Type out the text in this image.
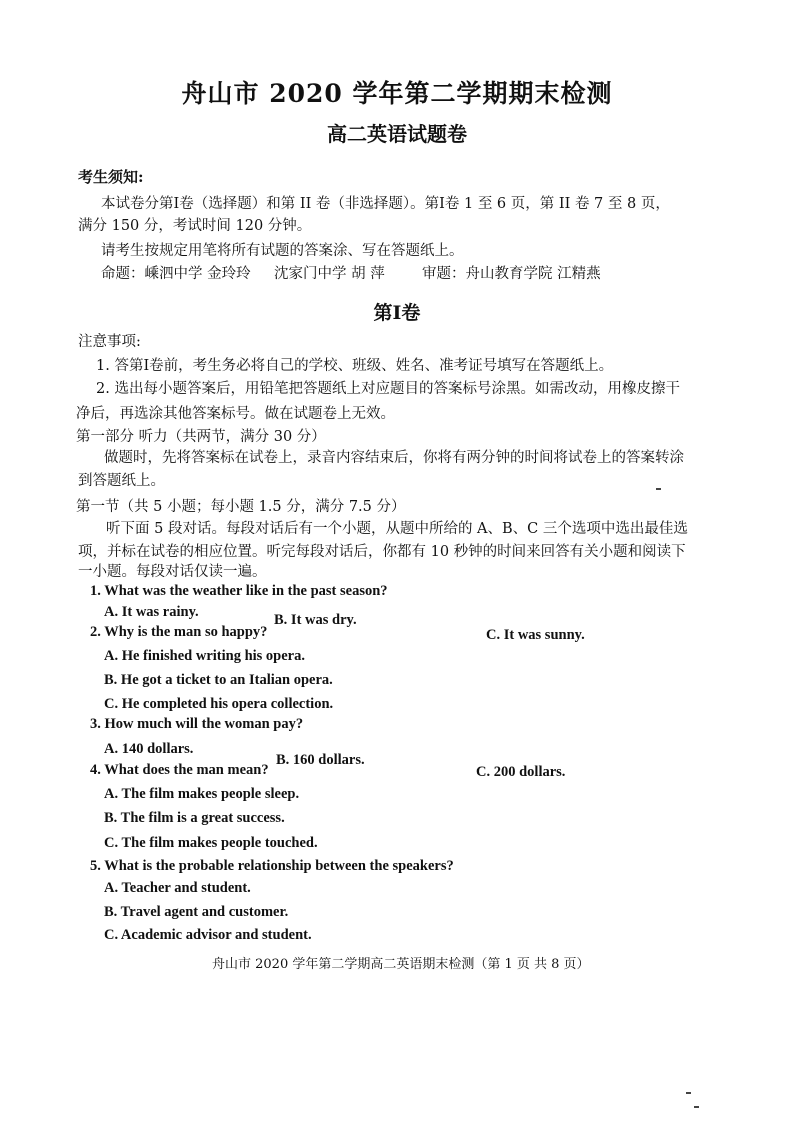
舟山市 2020 学年第二学期期末检测
高二英语试题卷
考生须知:
本试卷分第Ⅰ卷（选择题）和第 II 卷（非选择题）。第Ⅰ卷 1 至 6 页，第 II 卷 7 至 8 页，
满分 150 分，考试时间 120 分钟。
请考生按规定用笔将所有试题的答案涂、写在答题纸上。
命题：嵊泗中学 金玲玲 沈家门中学 胡 萍	审题：舟山教育学院 江精燕
第Ⅰ卷
注意事项:
1. 答第Ⅰ卷前，考生务必将自己的学校、班级、姓名、准考证号填写在答题纸上。
2. 选出每小题答案后，用铅笔把答题纸上对应题目的答案标号涂黑。如需改动，用橡皮擦干
净后，再选涂其他答案标号。做在试题卷上无效。
第一部分 听力（共两节，满分 30 分）
做题时，先将答案标在试卷上，录音内容结束后，你将有两分钟的时间将试卷上的答案转涂
到答题纸上。
第一节（共 5 小题；每小题 1.5 分，满分 7.5 分）
听下面 5 段对话。每段对话后有一个小题，从题中所给的 A、B、C 三个选项中选出最佳选
项，并标在试卷的相应位置。听完每段对话后，你都有 10 秒钟的时间来回答有关小题和阅读下
一小题。每段对话仅读一遍。
1. What was the weather like in the past season?
A. It was rainy.	B. It was dry.
C. It was sunny.
2. Why is the man so happy?
A. He finished writing his opera.
B. He got a ticket to an Italian opera.
C. He completed his opera collection.
3. How much will the woman pay?
A. 140 dollars.
B. 160 dollars.
C. 200 dollars.
4. What does the man mean?
A. The film makes people sleep.
B. The film is a great success.
C. The film makes people touched.
5. What is the probable relationship between the speakers?
A. Teacher and student.
B. Travel agent and customer.
C. Academic advisor and student.
舟山市 2020 学年第二学期高二英语期末检测（第 1 页 共 8 页）
